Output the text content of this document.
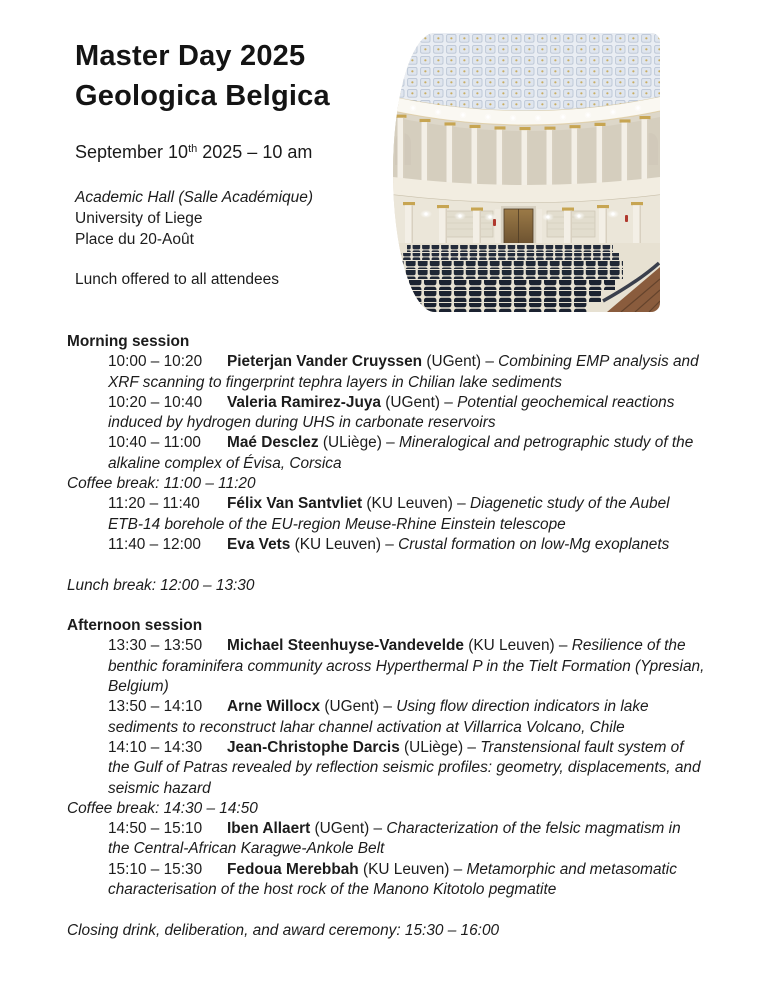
Master Day 2025
Geologica Belgica
September 10th 2025 – 10 am
Academic Hall (Salle Académique)
University of Liege
Place du 20-Août
Lunch offered to all attendees
Morning session

10:00 – 10:20 Pieterjan Vander Cruyssen (UGent) – Combining EMP analysis and XRF scanning to fingerprint tephra layers in Chilian lake sediments

10:20 – 10:40 Valeria Ramirez-Juya (UGent) – Potential geochemical reactions induced by hydrogen during UHS in carbonate reservoirs

10:40 – 11:00 Maé Desclez (ULiège) – Mineralogical and petrographic study of the alkaline complex of Évisa, Corsica

Coffee break: 11:00 – 11:20

11:20 – 11:40 Félix Van Santvliet (KU Leuven) – Diagenetic study of the Aubel ETB-14 borehole of the EU-region Meuse-Rhine Einstein telescope

11:40 – 12:00 Eva Vets (KU Leuven) – Crustal formation on low-Mg exoplanets

Lunch break: 12:00 – 13:30
Afternoon session

13:30 – 13:50 Michael Steenhuyse-Vandevelde (KU Leuven) – Resilience of the benthic foraminifera community across Hyperthermal P in the Tielt Formation (Ypresian, Belgium)

13:50 – 14:10 Arne Willocx (UGent) – Using flow direction indicators in lake sediments to reconstruct lahar channel activation at Villarrica Volcano, Chile

14:10 – 14:30 Jean-Christophe Darcis (ULiège) – Transtensional fault system of the Gulf of Patras revealed by reflection seismic profiles: geometry, displacements, and seismic hazard

Coffee break: 14:30 – 14:50

14:50 – 15:10 Iben Allaert (UGent) – Characterization of the felsic magmatism in the Central-African Karagwe-Ankole Belt

15:10 – 15:30 Fedoua Merebbah (KU Leuven) – Metamorphic and metasomatic characterisation of the host rock of the Manono Kitotolo pegmatite

Closing drink, deliberation, and award ceremony: 15:30 – 16:00
